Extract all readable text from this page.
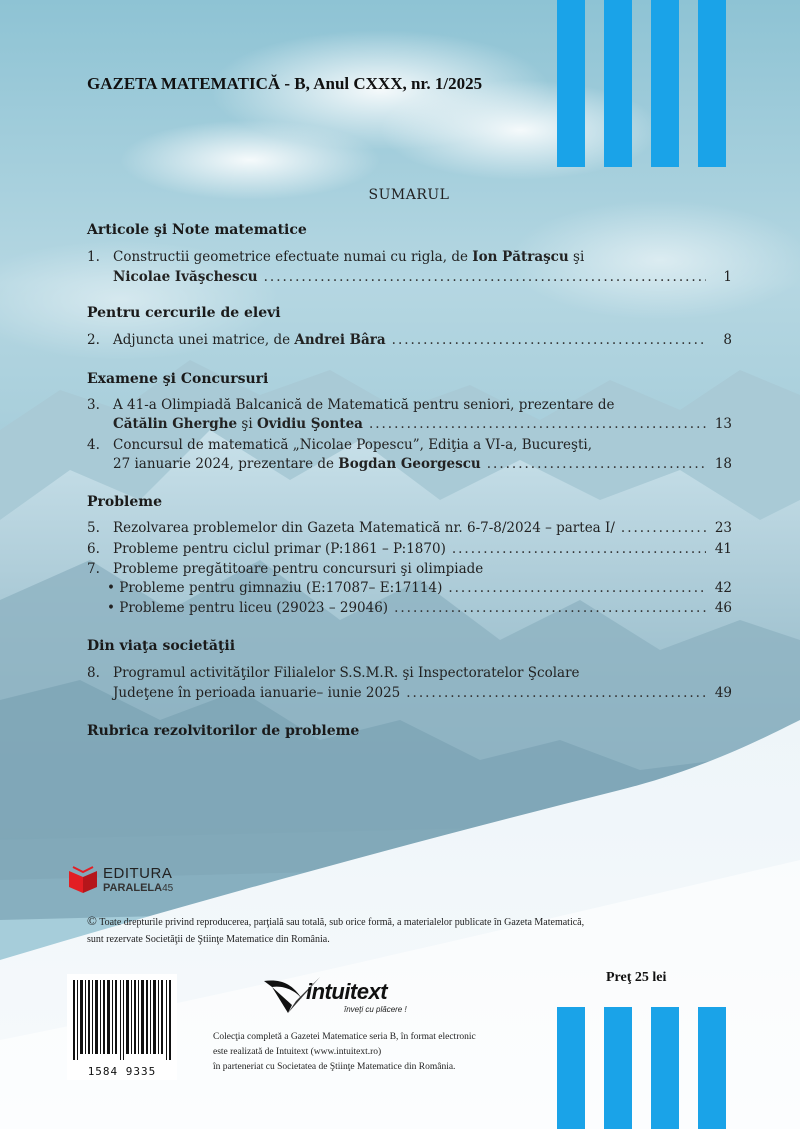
GAZETA MATEMATICĂ - B, Anul CXXX, nr. 1/2025
SUMARUL
Articole şi Note matematice
1. Constructii geometrice efectuate numai cu rigla, de Ion Pătraşcu şi
Nicolae Ivăşchescu .....	1
Pentru cercurile de elevi
2. Adjuncta unei matrice, de Andrei Bâra .....	8
Examene şi Concursuri
3. A 41-a Olimpiadă Balcanică de Matematică pentru seniori, prezentare de
Cătălin Gherghe şi Ovidiu Şontea .....	13
4. Concursul de matematică „Nicolae Popescu”, Ediţia a VI-a, Bucureşti,
27 ianuarie 2024, prezentare de Bogdan Georgescu .....	18
Probleme
5. Rezolvarea problemelor din Gazeta Matematică nr. 6-7-8/2024 – partea I/ .....	23
6. Probleme pentru ciclul primar (P:1861 – P:1870) .....	41
7. Probleme pregătitoare pentru concursuri şi olimpiade
• Probleme pentru gimnaziu (E:17087– E:17114) .....	42
• Probleme pentru liceu (29023 – 29046) .....	46
Din viaţa societăţii
8. Programul activităţilor Filialelor S.S.M.R. şi Inspectoratelor Şcolare
Judeţene în perioada ianuarie– iunie 2025 .....	49
Rubrica rezolvitorilor de probleme
EDITURA
PARALELA45
© Toate drepturile privind reproducerea, parţială sau totală, sub orice formă, a materialelor publicate în Gazeta Matematică,
sunt rezervate Societăţii de Ştiinţe Matematice din România.
Preţ 25 lei
1584 9335
intuitext
înveţi cu plăcere !
Colecţia completă a Gazetei Matematice seria B, în format electronic
este realizată de Intuitext (www.intuitext.ro)
în parteneriat cu Societatea de Ştiinţe Matematice din România.
